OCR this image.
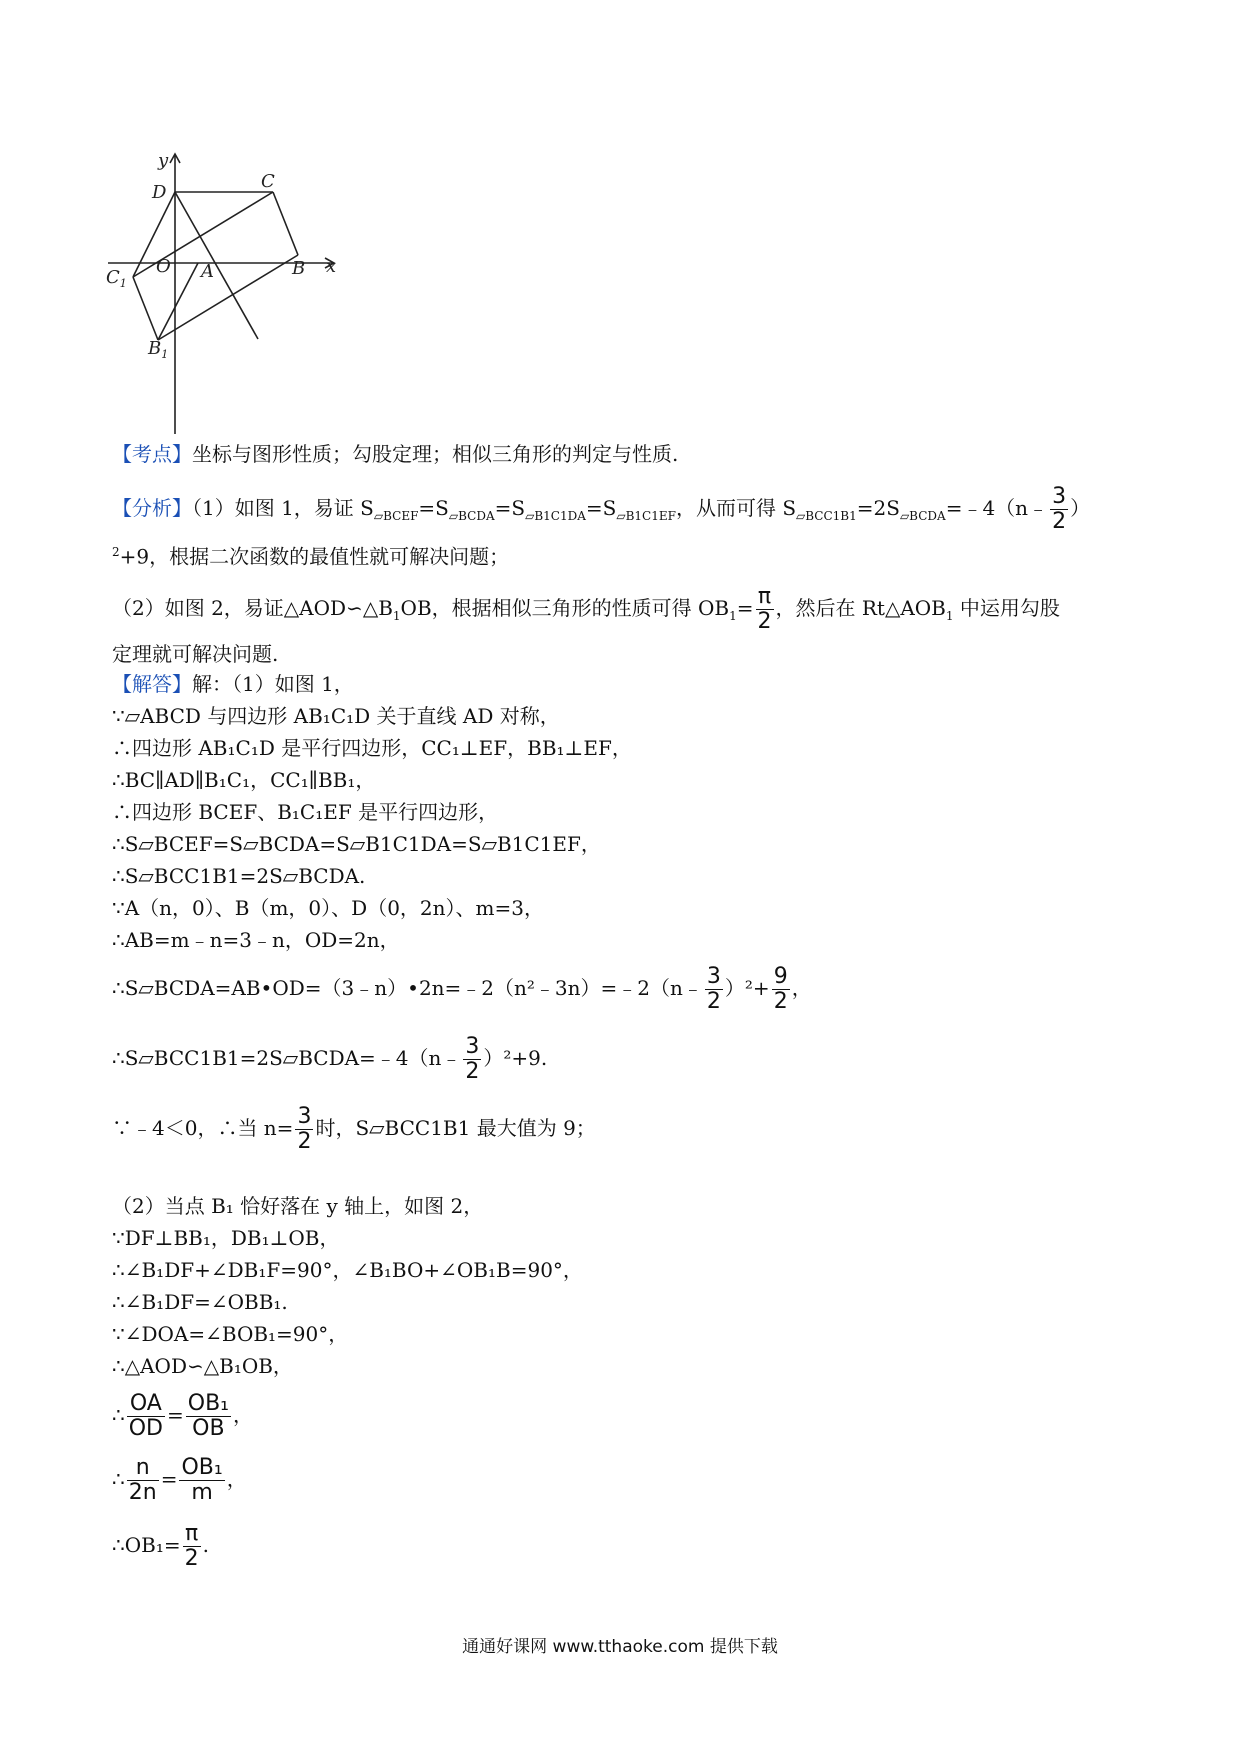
y
x
D
C
O A	B
$C_1$
$B_1$
【考点】坐标与图形性质；勾股定理；相似三角形的判定与性质.
【分析】（1）如图 1，易证 $S_{▱BCEF}=S_{▱BCDA}=S_{▱B1C1DA}=S_{▱B1C1EF}$，从而可得 $S_{▱BCC1B1}=2S_{▱BCDA}=﹣4(n﹣ \frac{3}{2}$ ）
$^2$+9，根据二次函数的最值性就可解决问题；
（2）如图 2，易证$\triangle AOD∽\triangle B_1OB$，根据相似三角形的性质可得 $OB_1= \frac{\pi}{2}$ ，然后在 $Rt\triangle AOB_1$ 中运用勾股
定理就可解决问题.
【解答】解：（1）如图 1，
∵▱ABCD 与四边形 AB₁C₁D 关于直线 AD 对称，
∴四边形 AB₁C₁D 是平行四边形，CC₁⊥EF，BB₁⊥EF，
∴BC∥AD∥B₁C₁，CC₁∥BB₁，
∴四边形 BCEF、B₁C₁EF 是平行四边形，
∴S▱BCEF=S▱BCDA=S▱B1C1DA=S▱B1C1EF，
∴S▱BCC1B1=2S▱BCDA.
∵A（n，0）、B（m，0）、D（0，2n）、m=3，
∴AB=m﹣n=3﹣n，OD=2n，
∴S▱BCDA=AB•OD=（3﹣n）•2n=﹣2（n²﹣3n）=﹣2（n﹣ $\frac{3}{2} )^2+ \frac{9}{2}$ ，
∴S▱BCC1B1=2S▱BCDA=﹣4（n﹣ $\frac{3}{2} )^2+9$.
∵﹣4＜0，∴当 $n= \frac{3}{2}$ 时，S▱BCC1B1 最大值为 9；
（2）当点 B₁ 恰好落在 y 轴上，如图 2，
∵DF⊥BB₁，DB₁⊥OB，
∴∠B₁DF+∠DB₁F=90°，∠B₁BO+∠OB₁B=90°，
∴∠B₁DF=∠OBB₁.
∵∠DOA=∠BOB₁=90°，
∴△AOD∽△B₁OB，
∴ $\frac{OA}{OD} = \frac{\text{OB₁}}{OB}$ ，
∴ $\frac{n}{2n} = \frac{\text{OB₁}}{m}$ ，
∴OB₁= $\frac{\pi}{2}$ .
通通好课网 www.tthaoke.com 提供下载
